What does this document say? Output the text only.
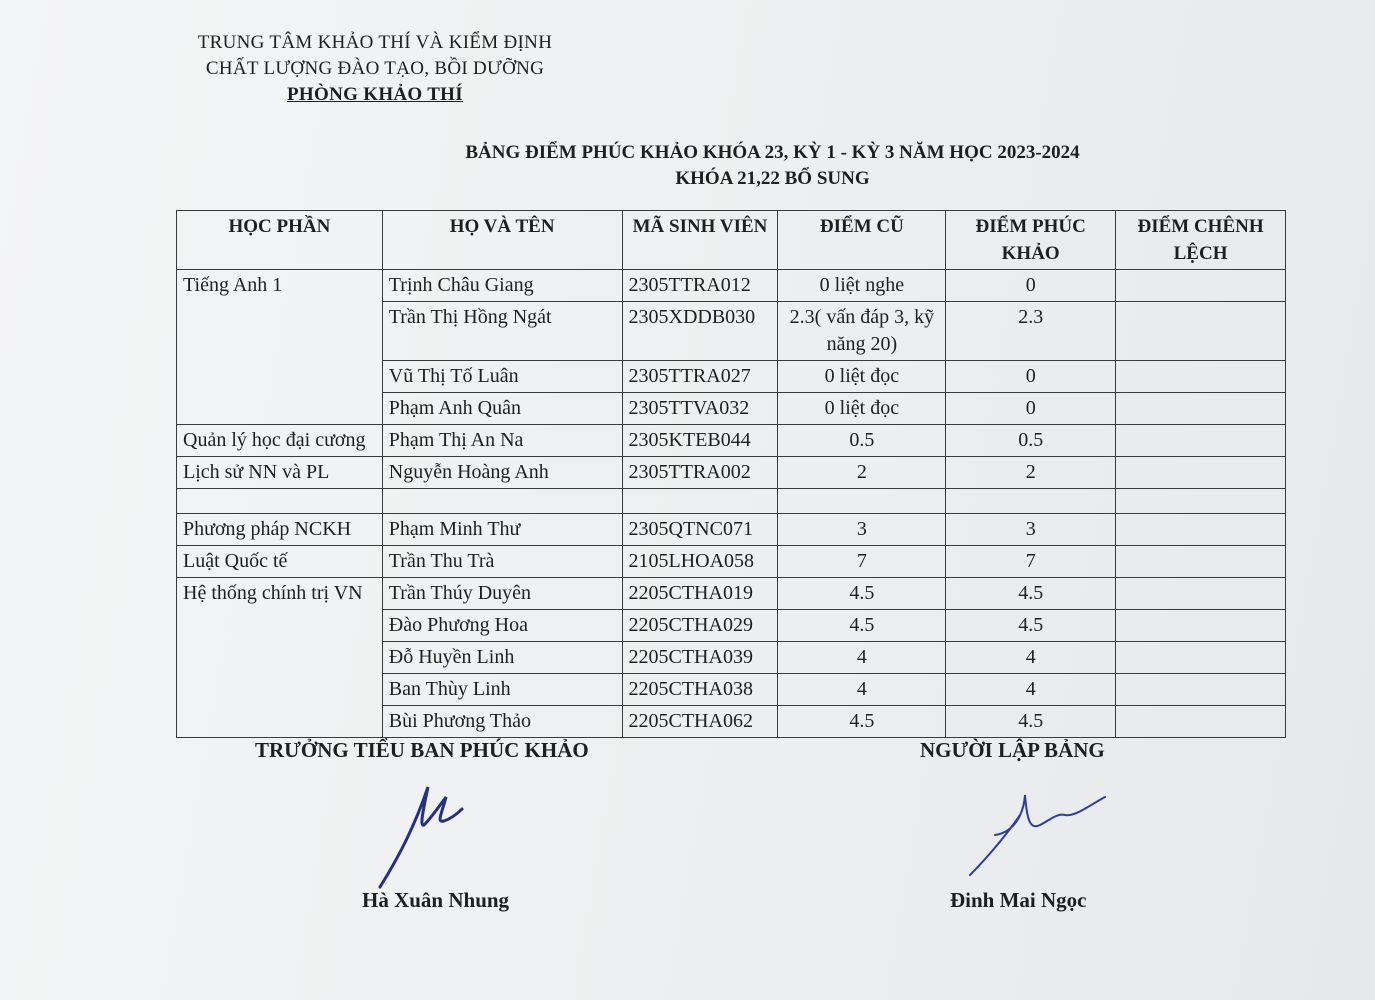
TRUNG TÂM KHẢO THÍ VÀ KIỂM ĐỊNH
CHẤT LƯỢNG ĐÀO TẠO, BỒI DƯỠNG
PHÒNG KHẢO THÍ
BẢNG ĐIỂM PHÚC KHẢO KHÓA 23, KỲ 1 - KỲ 3 NĂM HỌC 2023-2024
KHÓA 21,22 BỔ SUNG
HỌC PHẦN	HỌ VÀ TÊN	MÃ SINH VIÊN	ĐIỂM CŨ	ĐIỂM PHÚC KHẢO	ĐIỂM CHÊNH LỆCH
Tiếng Anh 1	Trịnh Châu Giang	2305TTRA012	0 liệt nghe	0	
	Trần Thị Hồng Ngát	2305XDDB030	2.3( vấn đáp 3, kỹ năng 20)	2.3	
	Vũ Thị Tố Luân	2305TTRA027	0 liệt đọc	0	
	Phạm Anh Quân	2305TTVA032	0 liệt đọc	0	
Quản lý học đại cương	Phạm Thị An Na	2305KTEB044	0.5	0.5	
Lịch sử NN và PL	Nguyễn Hoàng Anh	2305TTRA002	2	2	

Phương pháp NCKH	Phạm Minh Thư	2305QTNC071	3	3	
Luật Quốc tế	Trần Thu Trà	2105LHOA058	7	7	
Hệ thống chính trị VN	Trần Thúy Duyên	2205CTHA019	4.5	4.5	
	Đào Phương Hoa	2205CTHA029	4.5	4.5	
	Đỗ Huyền Linh	2205CTHA039	4	4	
	Ban Thùy Linh	2205CTHA038	4	4	
	Bùi Phương Thảo	2205CTHA062	4.5	4.5	
TRƯỞNG TIỂU BAN PHÚC KHẢO	NGƯỜI LẬP BẢNG
Hà Xuân Nhung	Đinh Mai Ngọc
